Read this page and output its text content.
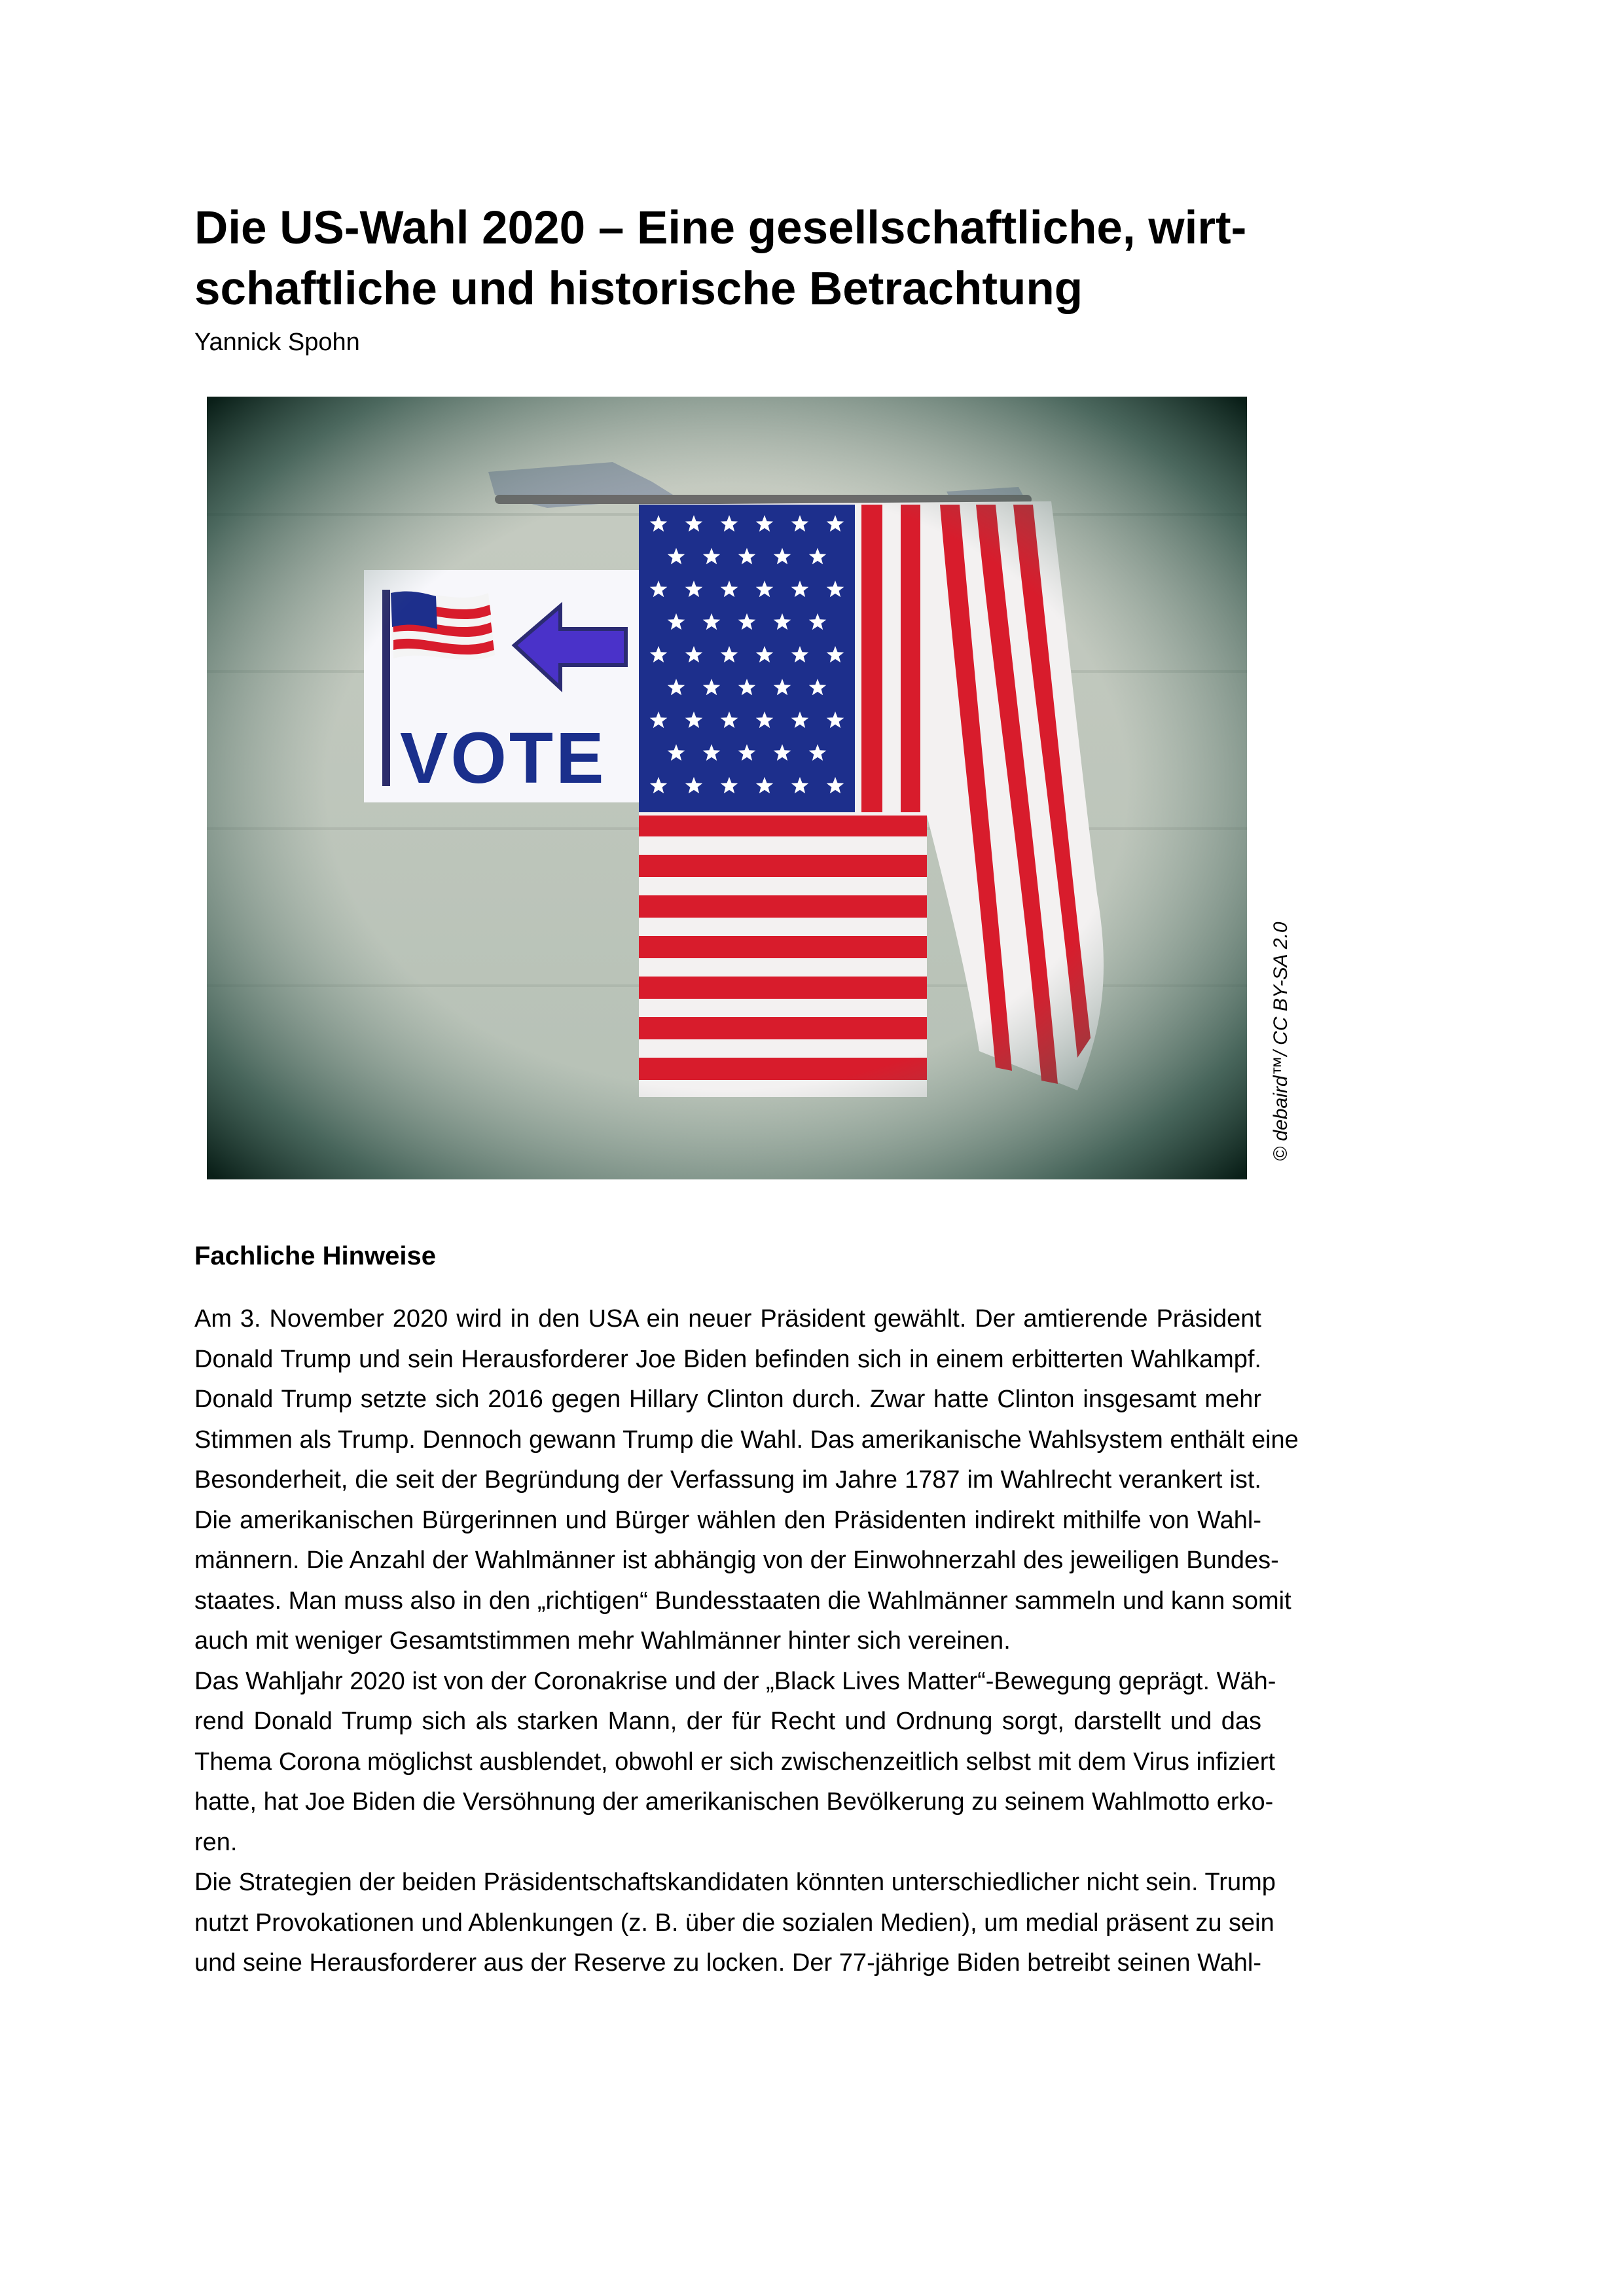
Die US-Wahl 2020 – Eine gesellschaftliche, wirt-
schaftliche und historische Betrachtung
Yannick Spohn
© debaird™/ CC BY-SA 2.0
Fachliche Hinweise
Am 3. November 2020 wird in den USA ein neuer Präsident gewählt. Der amtierende Präsident
Donald Trump und sein Herausforderer Joe Biden befinden sich in einem erbitterten Wahlkampf.
Donald Trump setzte sich 2016 gegen Hillary Clinton durch. Zwar hatte Clinton insgesamt mehr
Stimmen als Trump. Dennoch gewann Trump die Wahl. Das amerikanische Wahlsystem enthält eine
Besonderheit, die seit der Begründung der Verfassung im Jahre 1787 im Wahlrecht verankert ist.
Die amerikanischen Bürgerinnen und Bürger wählen den Präsidenten indirekt mithilfe von Wahl-
männern. Die Anzahl der Wahlmänner ist abhängig von der Einwohnerzahl des jeweiligen Bundes-
staates. Man muss also in den „richtigen“ Bundesstaaten die Wahlmänner sammeln und kann somit
auch mit weniger Gesamtstimmen mehr Wahlmänner hinter sich vereinen.
Das Wahljahr 2020 ist von der Coronakrise und der „Black Lives Matter“-Bewegung geprägt. Wäh-
rend Donald Trump sich als starken Mann, der für Recht und Ordnung sorgt, darstellt und das
Thema Corona möglichst ausblendet, obwohl er sich zwischenzeitlich selbst mit dem Virus infiziert
hatte, hat Joe Biden die Versöhnung der amerikanischen Bevölkerung zu seinem Wahlmotto erko-
ren.
Die Strategien der beiden Präsidentschaftskandidaten könnten unterschiedlicher nicht sein. Trump
nutzt Provokationen und Ablenkungen (z. B. über die sozialen Medien), um medial präsent zu sein
und seine Herausforderer aus der Reserve zu locken. Der 77-jährige Biden betreibt seinen Wahl-
